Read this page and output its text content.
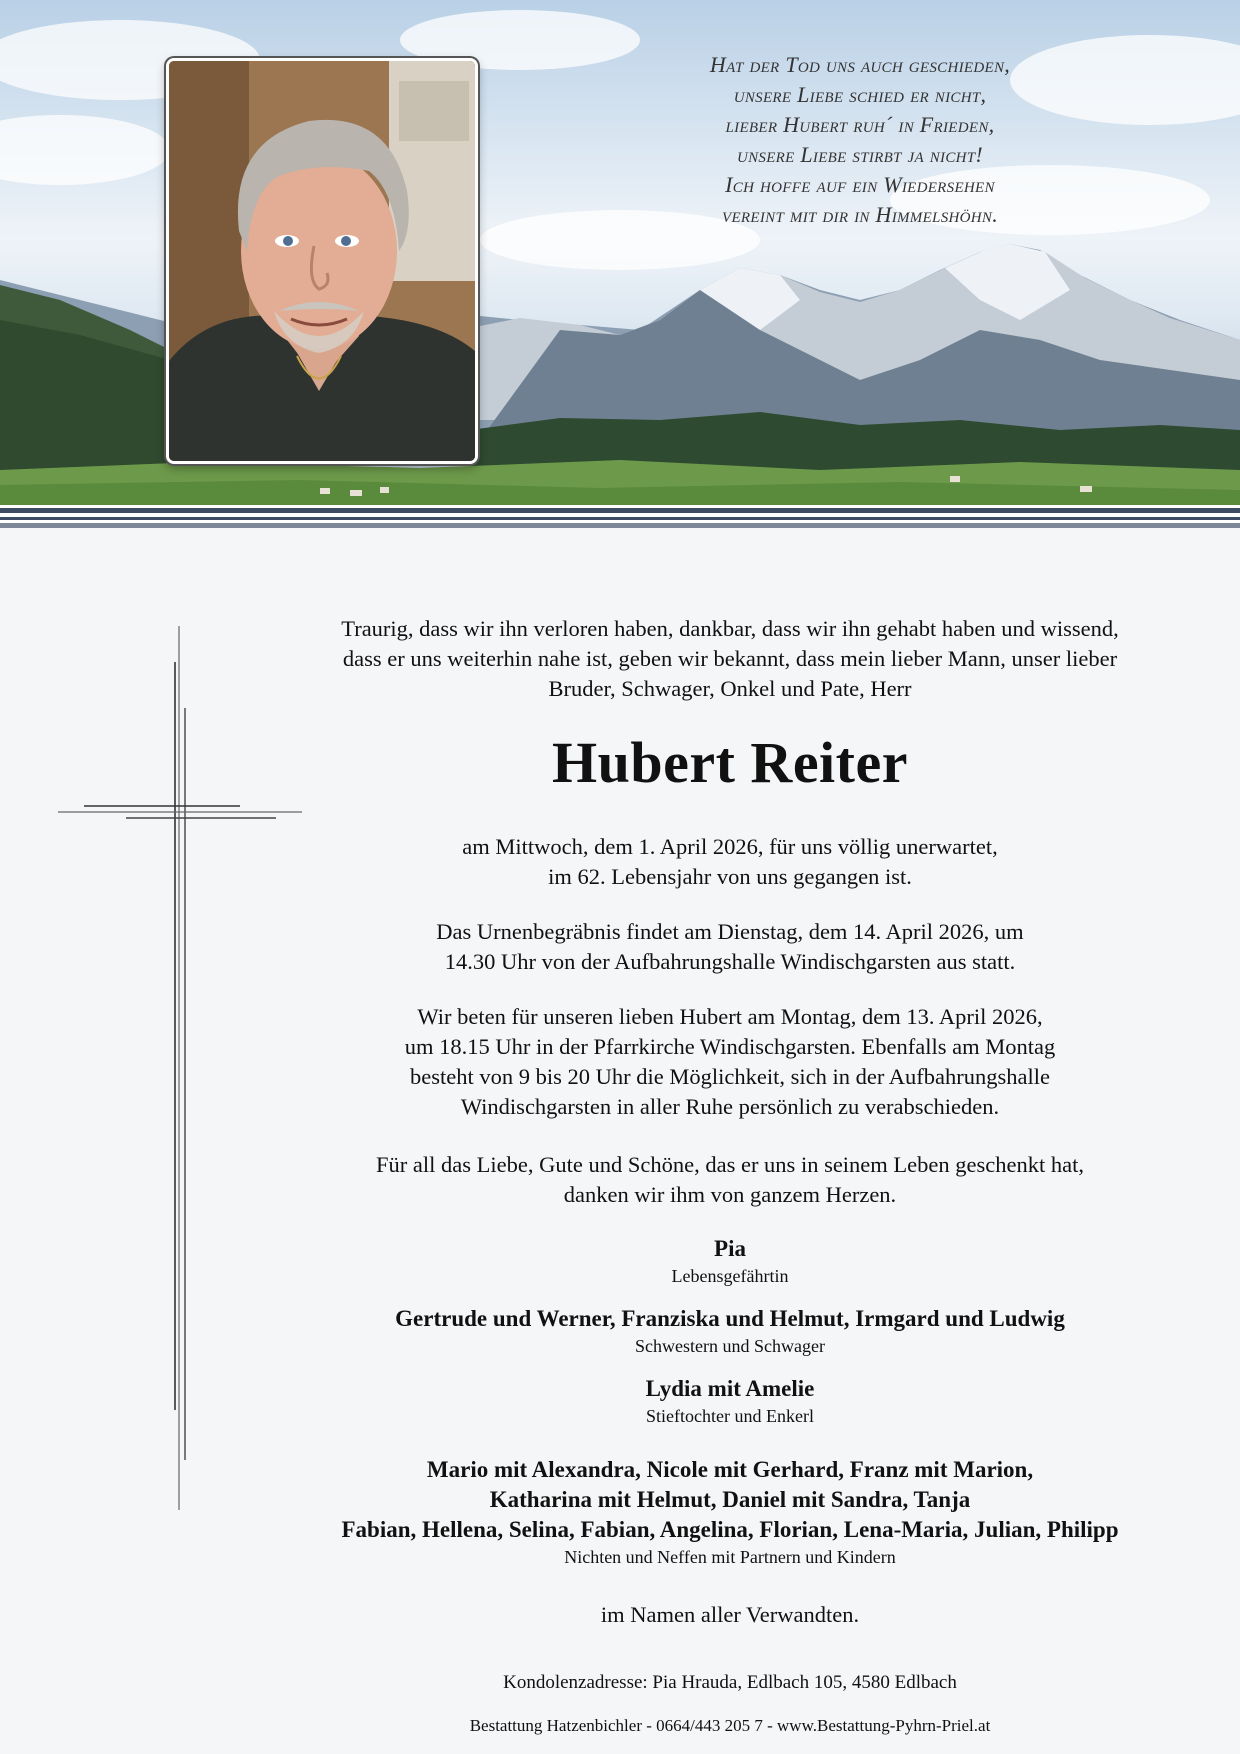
Hat der Tod uns auch geschieden,
unsere Liebe schied er nicht,
lieber Hubert ruh´ in Frieden,
unsere Liebe stirbt ja nicht!
Ich hoffe auf ein Wiedersehen
vereint mit dir in Himmelshöhn.

Traurig, dass wir ihn verloren haben, dankbar, dass wir ihn gehabt haben und wissend,

dass er uns weiterhin nahe ist, geben wir bekannt, dass mein lieber Mann, unser lieber

Bruder, Schwager, Onkel und Pate, Herr

Hubert Reiter

am Mittwoch, dem 1. April 2026, für uns völlig unerwartet,

im 62. Lebensjahr von uns gegangen ist.

Das Urnenbegräbnis findet am Dienstag, dem 14. April 2026, um

14.30 Uhr von der Aufbahrungshalle Windischgarsten aus statt.

Wir beten für unseren lieben Hubert am Montag, dem 13. April 2026,

um 18.15 Uhr in der Pfarrkirche Windischgarsten. Ebenfalls am Montag

besteht von 9 bis 20 Uhr die Möglichkeit, sich in der Aufbahrungshalle

Windischgarsten in aller Ruhe persönlich zu verabschieden.

Für all das Liebe, Gute und Schöne, das er uns in seinem Leben geschenkt hat,

danken wir ihm von ganzem Herzen.

Pia
Lebensgefährtin
Gertrude und Werner, Franziska und Helmut, Irmgard und Ludwig
Schwestern und Schwager
Lydia mit Amelie
Stieftochter und Enkerl
Mario mit Alexandra, Nicole mit Gerhard, Franz mit Marion,
Katharina mit Helmut, Daniel mit Sandra, Tanja
Fabian, Hellena, Selina, Fabian, Angelina, Florian, Lena-Maria, Julian, Philipp
Nichten und Neffen mit Partnern und Kindern

im Namen aller Verwandten.

Kondolenzadresse: Pia Hrauda, Edlbach 105, 4580 Edlbach
Bestattung Hatzenbichler - 0664/443 205 7 - www.Bestattung-Pyhrn-Priel.at
